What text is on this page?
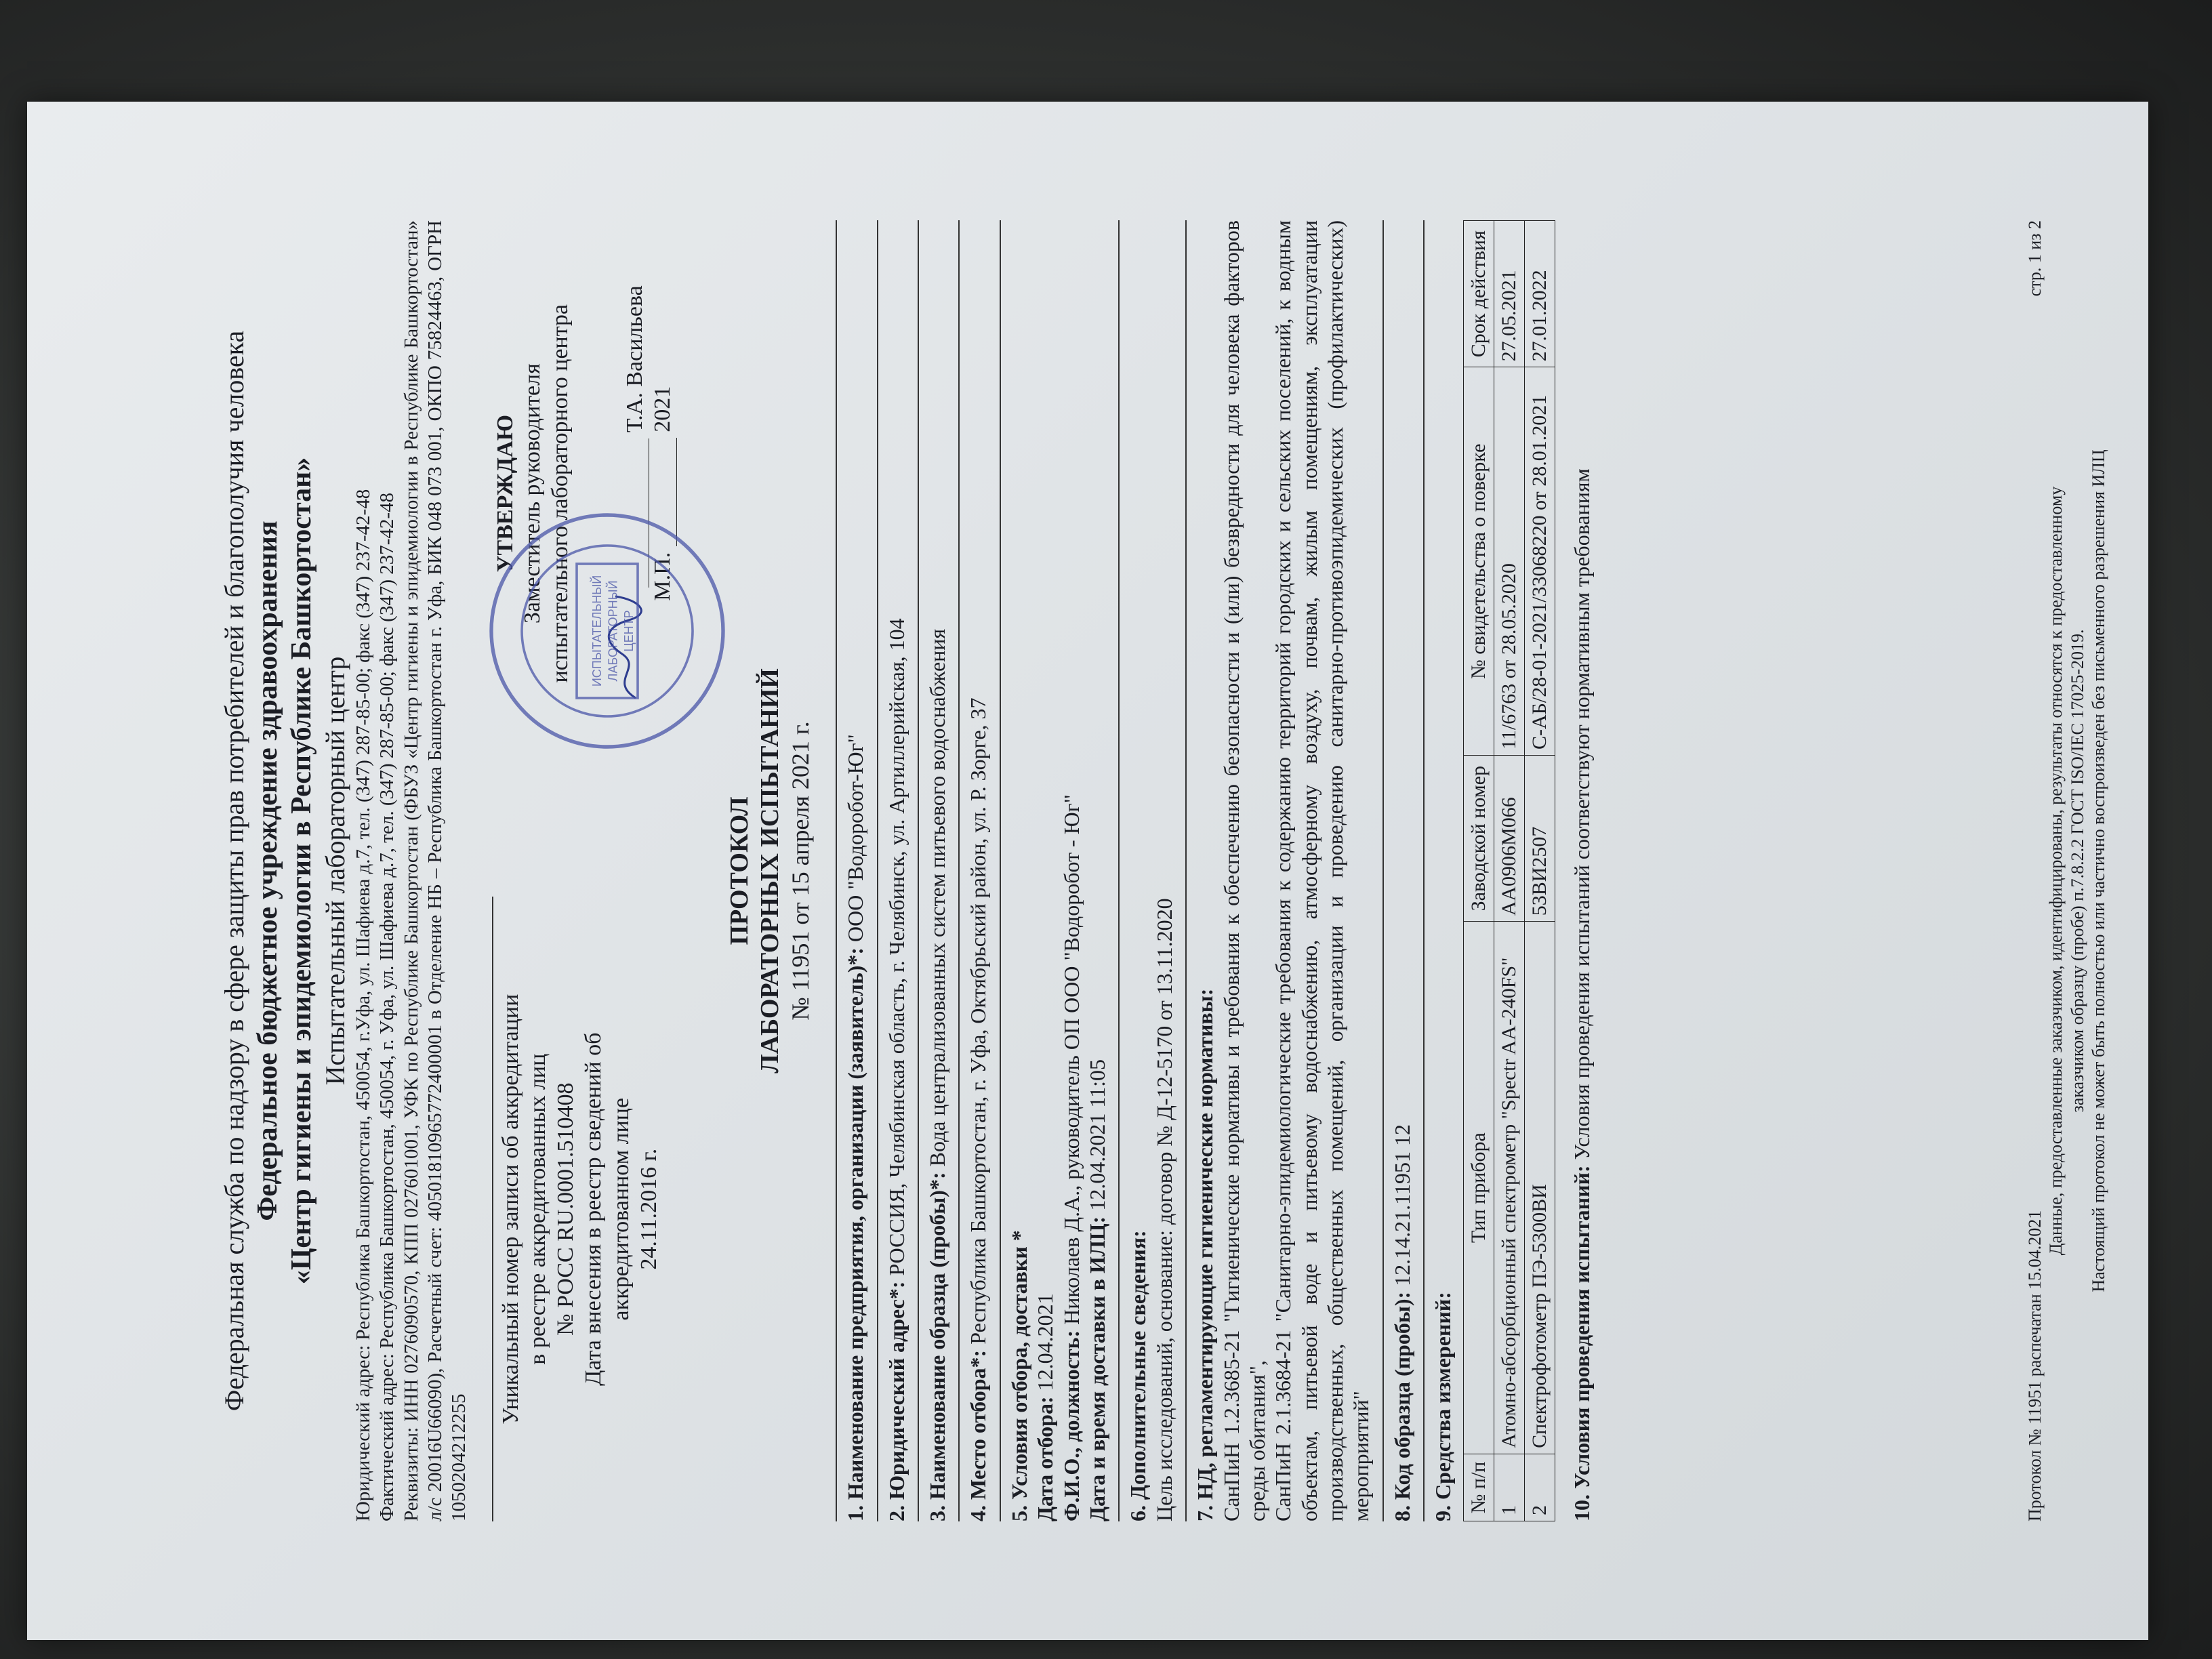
Федеральная служба по надзору в сфере защиты прав потребителей и благополучия человека Федеральное бюджетное учреждение здравоохранения «Центр гигиены и эпидемиологии в Республике Башкортостан» Испытательный лабораторный центр Юридический адрес: Республика Башкортостан, 450054, г.Уфа, ул. Шафиева д.7, тел. (347) 287-85-00; факс (347) 237-42-48 Фактический адрес: Республика Башкортостан, 450054, г. Уфа, ул. Шафиева д.7, тел. (347) 287-85-00; факс (347) 237-42-48 Реквизиты: ИНН 0276090570, КПП 027601001, УФК по Республике Башкортостан (ФБУЗ «Центр гигиены и эпидемиологии в Республике Башкортостан» л/с 20016U66090), Расчетный счет: 40501810965772400001 в Отделение НБ – Республика Башкортостан г. Уфа, БИК 048 073 001, ОКПО 75824463, ОГРН 1050204212255
Уникальный номер записи об аккредитации в реестре аккредитованных лиц № РОСС RU.0001.510408 Дата внесения в реестр сведений об аккредитованном лице 24.11.2016 г.
ИСПЫТАТЕЛЬНЫЙ ЛАБОРАТОРНЫЙ ЦЕНТР
УТВЕРЖДАЮ Заместитель руководителя испытательного лабораторного центра	Т.А. Васильева
М.П.  2021
ПРОТОКОЛ ЛАБОРАТОРНЫХ ИСПЫТАНИЙ № 11951 от 15 апреля 2021 г.
1. Наименование предприятия, организации (заявитель)*: ООО "Водоробот-Юг"
2. Юридический адрес*: РОССИЯ, Челябинская область, г. Челябинск, ул. Артиллерийская, 104
3. Наименование образца (пробы)*: Вода централизованных систем питьевого водоснабжения
4. Место отбора*: Республика Башкортостан, г. Уфа, Октябрьский район, ул. Р. Зорге, 37
5. Условия отбора, доставки * Дата отбора: 12.04.2021 Ф.И.О., должность: Николаев Д.А., руководитель ОП ООО "Водоробот - Юг"
Дата и время доставки в ИЛЦ: 12.04.2021 11:05
6. Дополнительные сведения: Цель исследований, основание: договор № Д-12-5170 от 13.11.2020 7. НД, регламентирующие гигиенические нормативы: СанПиН 1.2.3685-21 "Гигиенические нормативы и требования к обеспечению безопасности и (или) безвредности для человека факторов среды обитания", СанПиН 2.1.3684-21 "Санитарно-эпидемиологические требования к содержанию территорий городских и сельских поселений, к водным объектам, питьевой воде и питьевому водоснабжению, атмосферному воздуху, почвам, жилым помещениям, эксплуатации производственных, общественных помещений, организации и проведению санитарно-противоэпидемических (профилактических) мероприятий" 8. Код образца (пробы): 12.14.21.11951 12
9. Средства измерений: № п/п	Тип прибора	Заводской номер	№ свидетельства о поверке	Срок действия
1	Атомно-абсорбционный спектрометр "Spectr AA-240FS"	AA0906M066	11/6763 от 28.05.2020	27.05.2021
2	Спектрофотометр ПЭ-5300ВИ	53ВИ2507	С-АБ/28-01-2021/33068220 от 28.01.2021	27.01.2022
10. Условия проведения испытаний: Условия проведения испытаний соответствуют нормативным требованиям
Протокол № 11951 распечатан 15.04.2021
стр. 1 из 2
Данные, предоставленные заказчиком, идентифицированы, результаты относятся к предоставленному заказчиком образцу (пробе) п.7.8.2.2 ГОСТ ISO/IEC 17025-2019. Настоящий протокол не может быть полностью или частично воспроизведен без письменного разрешения ИЛЦ
